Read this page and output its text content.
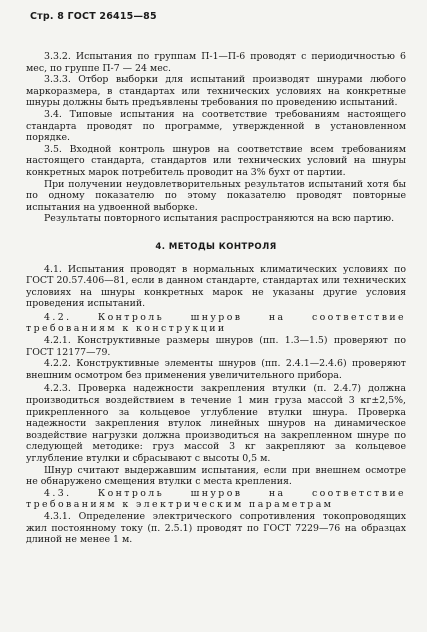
Стр. 8 ГОСТ 26415—85

3.3.2. Испытания по группам П-1—П-6 проводят с периодичностью 6 мес, по группе П-7 — 24 мес.

3.3.3. Отбор выборки для испытаний производят шнурами любого маркоразмера, в стандартах или технических условиях на конкретные шнуры должны быть предъявлены требования по проведению испытаний.

3.4. Типовые испытания на соответствие требованиям настоящего стандарта проводят по программе, утвержденной в установленном порядке.

3.5. Входной контроль шнуров на соответствие всем требованиям настоящего стандарта, стандартов или технических условий на шнуры конкретных марок потребитель проводит на 3% бухт от партии.

При получении неудовлетворительных результатов испытаний хотя бы по одному показателю по этому показателю проводят повторные испытания на удвоенной выборке.

Результаты повторного испытания распространяются на всю партию.

4. МЕТОДЫ КОНТРОЛЯ

4.1. Испытания проводят в нормальных климатических условиях по ГОСТ 20.57.406—81, если в данном стандарте, стандартах или технических условиях на шнуры конкретных марок не указаны другие условия проведения испытаний.

4.2. Контроль шнуров на соответствие требованиям к конструкции

4.2.1. Конструктивные размеры шнуров (пп. 1.3—1.5) проверяют по ГОСТ 12177—79.

4.2.2. Конструктивные элементы шнуров (пп. 2.4.1—2.4.6) проверяют внешним осмотром без применения увеличительного прибора.

4.2.3. Проверка надежности закрепления втулки (п. 2.4.7) должна производиться воздействием в течение 1 мин груза массой 3 кг±2,5%, прикрепленного за кольцевое углубление втулки шнура. Проверка надежности закрепления втулок линейных шнуров на динамическое воздействие нагрузки должна производиться на закрепленном шнуре по следующей методике: груз массой 3 кг закрепляют за кольцевое углубление втулки и сбрасывают с высоты 0,5 м.

Шнур считают выдержавшим испытания, если при внешнем осмотре не обнаружено смещения втулки с места крепления.

4.3. Контроль шнуров на соответствие требованиям к электрическим параметрам

4.3.1. Определение электрического сопротивления токопроводящих жил постоянному току (п. 2.5.1) проводят по ГОСТ 7229—76 на образцах длиной не менее 1 м.
